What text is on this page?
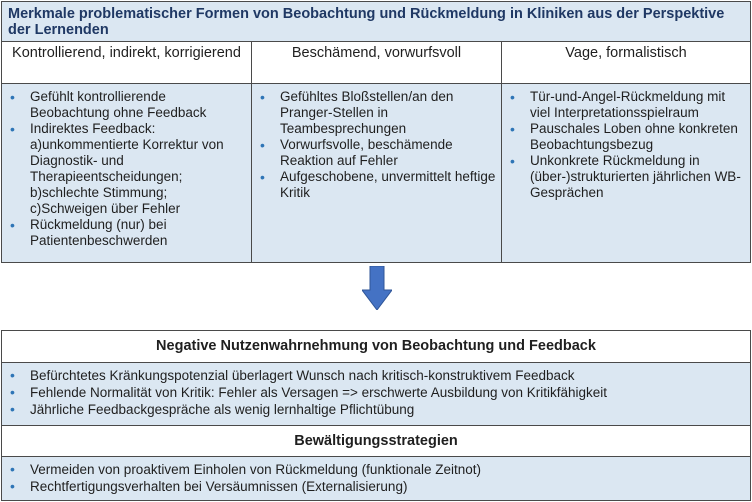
Merkmale problematischer Formen von Beobachtung und Rückmeldung in Kliniken aus der Perspektive der Lernenden
Kontrollierend, indirekt, korrigierend	Beschämend, vorwurfsvoll	Vage, formalistisch
• Gefühlt kontrollierende Beobachtung ohne Feedback
• Indirektes Feedback: a)unkommentierte Korrektur von Diagnostik- und Therapieentscheidungen; b)schlechte Stimmung; c)Schweigen über Fehler
• Rückmeldung (nur) bei Patientenbeschwerden
• Gefühltes Bloßstellen/an den Pranger-Stellen in Teambesprechungen
• Vorwurfsvolle, beschämende Reaktion auf Fehler
• Aufgeschobene, unvermittelt heftige Kritik
• Tür-und-Angel-Rückmeldung mit viel Interpretationsspielraum
• Pauschales Loben ohne konkreten Beobachtungsbezug
• Unkonkrete Rückmeldung in (über-)strukturierten jährlichen WB-Gesprächen
Negative Nutzenwahrnehmung von Beobachtung und Feedback
• Befürchtetes Kränkungspotenzial überlagert Wunsch nach kritisch-konstruktivem Feedback
• Fehlende Normalität von Kritik: Fehler als Versagen => erschwerte Ausbildung von Kritikfähigkeit
• Jährliche Feedbackgespräche als wenig lernhaltige Pflichtübung
Bewältigungsstrategien
• Vermeiden von proaktivem Einholen von Rückmeldung (funktionale Zeitnot)
• Rechtfertigungsverhalten bei Versäumnissen (Externalisierung)
